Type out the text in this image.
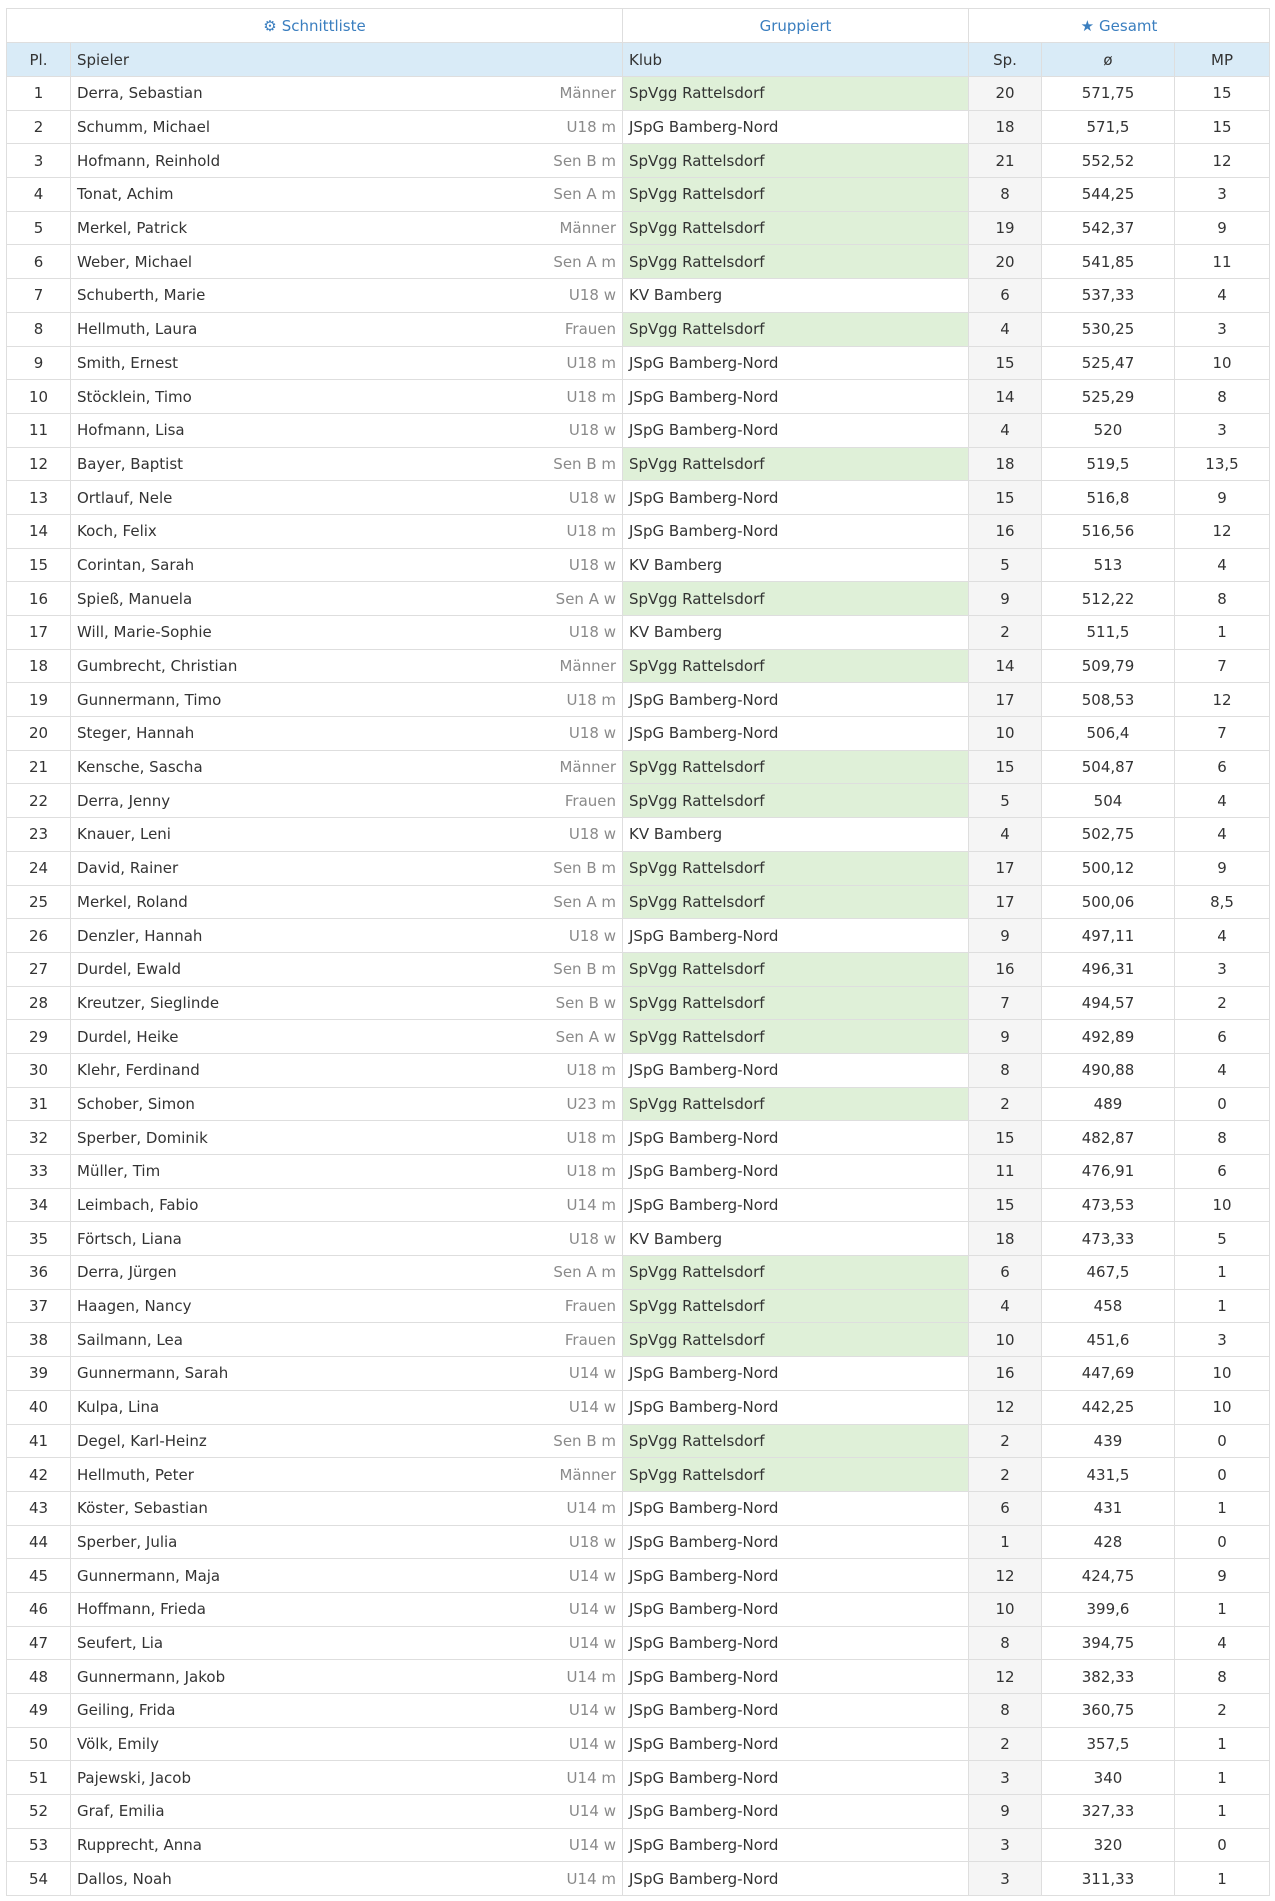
⚙ Schnittliste		Gruppiert	★ Gesamt		
Pl.	Spieler	Klub	Sp.	ø	MP
1	Derra, Sebastian Männer	SpVgg Rattelsdorf	20	571,75	15
2	Schumm, Michael U18 m	JSpG Bamberg-Nord	18	571,5	15
3	Hofmann, Reinhold Sen B m	SpVgg Rattelsdorf	21	552,52	12
4	Tonat, Achim Sen A m	SpVgg Rattelsdorf	8	544,25	3
5	Merkel, Patrick Männer	SpVgg Rattelsdorf	19	542,37	9
6	Weber, Michael Sen A m	SpVgg Rattelsdorf	20	541,85	11
7	Schuberth, Marie U18 w	KV Bamberg	6	537,33	4
8	Hellmuth, Laura Frauen	SpVgg Rattelsdorf	4	530,25	3
9	Smith, Ernest U18 m	JSpG Bamberg-Nord	15	525,47	10
10	Stöcklein, Timo U18 m	JSpG Bamberg-Nord	14	525,29	8
11	Hofmann, Lisa U18 w	JSpG Bamberg-Nord	4	520	3
12	Bayer, Baptist Sen B m	SpVgg Rattelsdorf	18	519,5	13,5
13	Ortlauf, Nele U18 w	JSpG Bamberg-Nord	15	516,8	9
14	Koch, Felix U18 m	JSpG Bamberg-Nord	16	516,56	12
15	Corintan, Sarah U18 w	KV Bamberg	5	513	4
16	Spieß, Manuela Sen A w	SpVgg Rattelsdorf	9	512,22	8
17	Will, Marie-Sophie U18 w	KV Bamberg	2	511,5	1
18	Gumbrecht, Christian Männer	SpVgg Rattelsdorf	14	509,79	7
19	Gunnermann, Timo U18 m	JSpG Bamberg-Nord	17	508,53	12
20	Steger, Hannah U18 w	JSpG Bamberg-Nord	10	506,4	7
21	Kensche, Sascha Männer	SpVgg Rattelsdorf	15	504,87	6
22	Derra, Jenny Frauen	SpVgg Rattelsdorf	5	504	4
23	Knauer, Leni U18 w	KV Bamberg	4	502,75	4
24	David, Rainer Sen B m	SpVgg Rattelsdorf	17	500,12	9
25	Merkel, Roland Sen A m	SpVgg Rattelsdorf	17	500,06	8,5
26	Denzler, Hannah U18 w	JSpG Bamberg-Nord	9	497,11	4
27	Durdel, Ewald Sen B m	SpVgg Rattelsdorf	16	496,31	3
28	Kreutzer, Sieglinde Sen B w	SpVgg Rattelsdorf	7	494,57	2
29	Durdel, Heike Sen A w	SpVgg Rattelsdorf	9	492,89	6
30	Klehr, Ferdinand U18 m	JSpG Bamberg-Nord	8	490,88	4
31	Schober, Simon U23 m	SpVgg Rattelsdorf	2	489	0
32	Sperber, Dominik U18 m	JSpG Bamberg-Nord	15	482,87	8
33	Müller, Tim U18 m	JSpG Bamberg-Nord	11	476,91	6
34	Leimbach, Fabio U14 m	JSpG Bamberg-Nord	15	473,53	10
35	Förtsch, Liana U18 w	KV Bamberg	18	473,33	5
36	Derra, Jürgen Sen A m	SpVgg Rattelsdorf	6	467,5	1
37	Haagen, Nancy Frauen	SpVgg Rattelsdorf	4	458	1
38	Sailmann, Lea Frauen	SpVgg Rattelsdorf	10	451,6	3
39	Gunnermann, Sarah U14 w	JSpG Bamberg-Nord	16	447,69	10
40	Kulpa, Lina U14 w	JSpG Bamberg-Nord	12	442,25	10
41	Degel, Karl-Heinz Sen B m	SpVgg Rattelsdorf	2	439	0
42	Hellmuth, Peter Männer	SpVgg Rattelsdorf	2	431,5	0
43	Köster, Sebastian U14 m	JSpG Bamberg-Nord	6	431	1
44	Sperber, Julia U18 w	JSpG Bamberg-Nord	1	428	0
45	Gunnermann, Maja U14 w	JSpG Bamberg-Nord	12	424,75	9
46	Hoffmann, Frieda U14 w	JSpG Bamberg-Nord	10	399,6	1
47	Seufert, Lia U14 w	JSpG Bamberg-Nord	8	394,75	4
48	Gunnermann, Jakob U14 m	JSpG Bamberg-Nord	12	382,33	8
49	Geiling, Frida U14 w	JSpG Bamberg-Nord	8	360,75	2
50	Völk, Emily U14 w	JSpG Bamberg-Nord	2	357,5	1
51	Pajewski, Jacob U14 m	JSpG Bamberg-Nord	3	340	1
52	Graf, Emilia U14 w	JSpG Bamberg-Nord	9	327,33	1
53	Rupprecht, Anna U14 w	JSpG Bamberg-Nord	3	320	0
54	Dallos, Noah U14 m	JSpG Bamberg-Nord	3	311,33	1
